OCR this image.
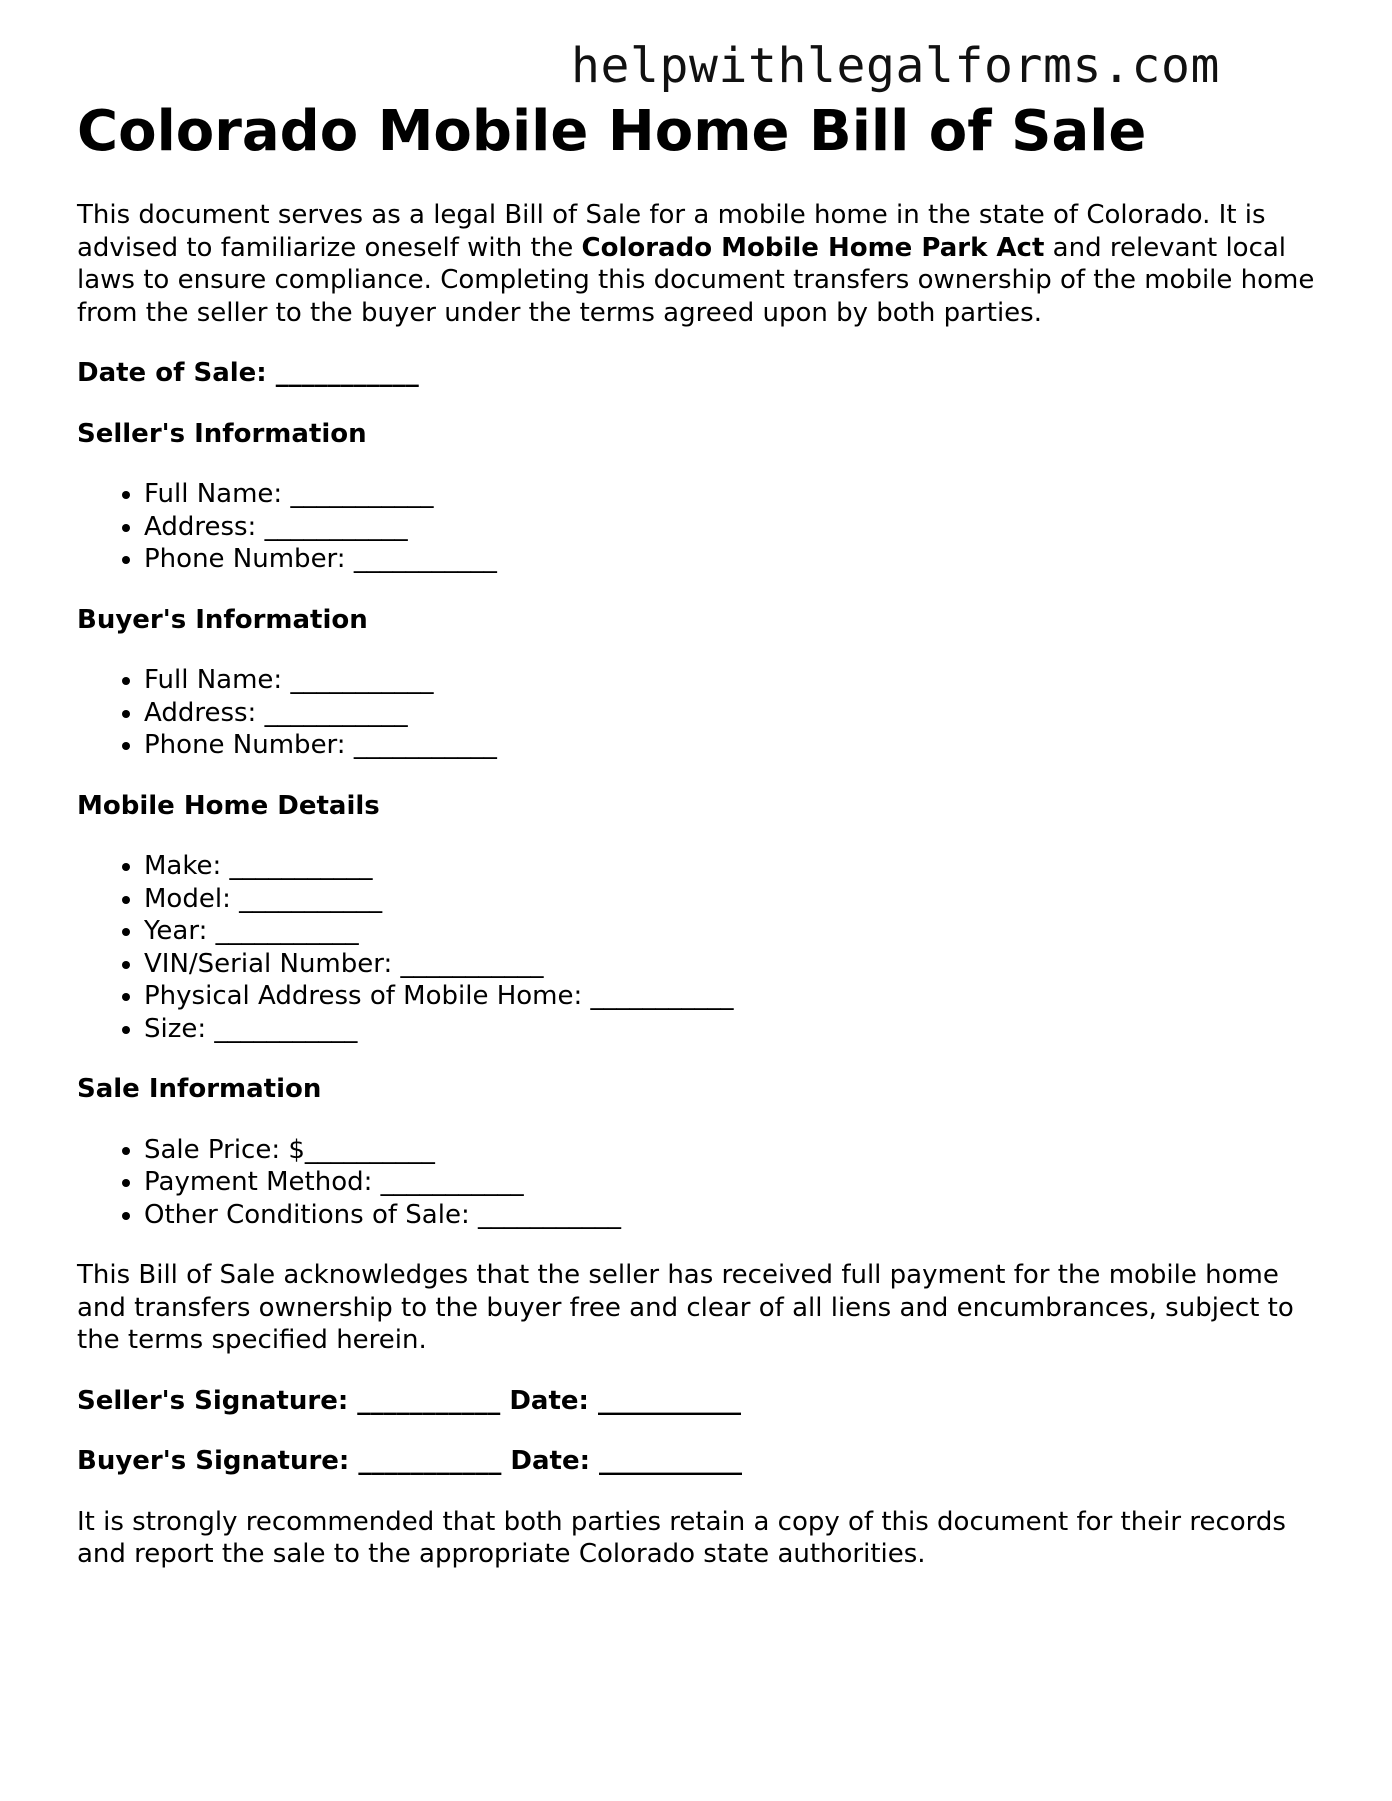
helpwithlegalforms.com
Colorado Mobile Home Bill of Sale

This document serves as a legal Bill of Sale for a mobile home in the state of Colorado. It is advised to familiarize oneself with the Colorado Mobile Home Park Act and relevant local laws to ensure compliance. Completing this document transfers ownership of the mobile home from the seller to the buyer under the terms agreed upon by both parties.

Date of Sale: ___________

Seller's Information

• Full Name: ___________
• Address: ___________
• Phone Number: ___________

Buyer's Information

• Full Name: ___________
• Address: ___________
• Phone Number: ___________

Mobile Home Details

• Make: ___________
• Model: ___________
• Year: ___________
• VIN/Serial Number: ___________
• Physical Address of Mobile Home: ___________
• Size: ___________

Sale Information

• Sale Price: $__________
• Payment Method: ___________
• Other Conditions of Sale: ___________

This Bill of Sale acknowledges that the seller has received full payment for the mobile home and transfers ownership to the buyer free and clear of all liens and encumbrances, subject to the terms specified herein.

Seller's Signature: ___________ Date: ___________

Buyer's Signature: ___________ Date: ___________

It is strongly recommended that both parties retain a copy of this document for their records and report the sale to the appropriate Colorado state authorities.
